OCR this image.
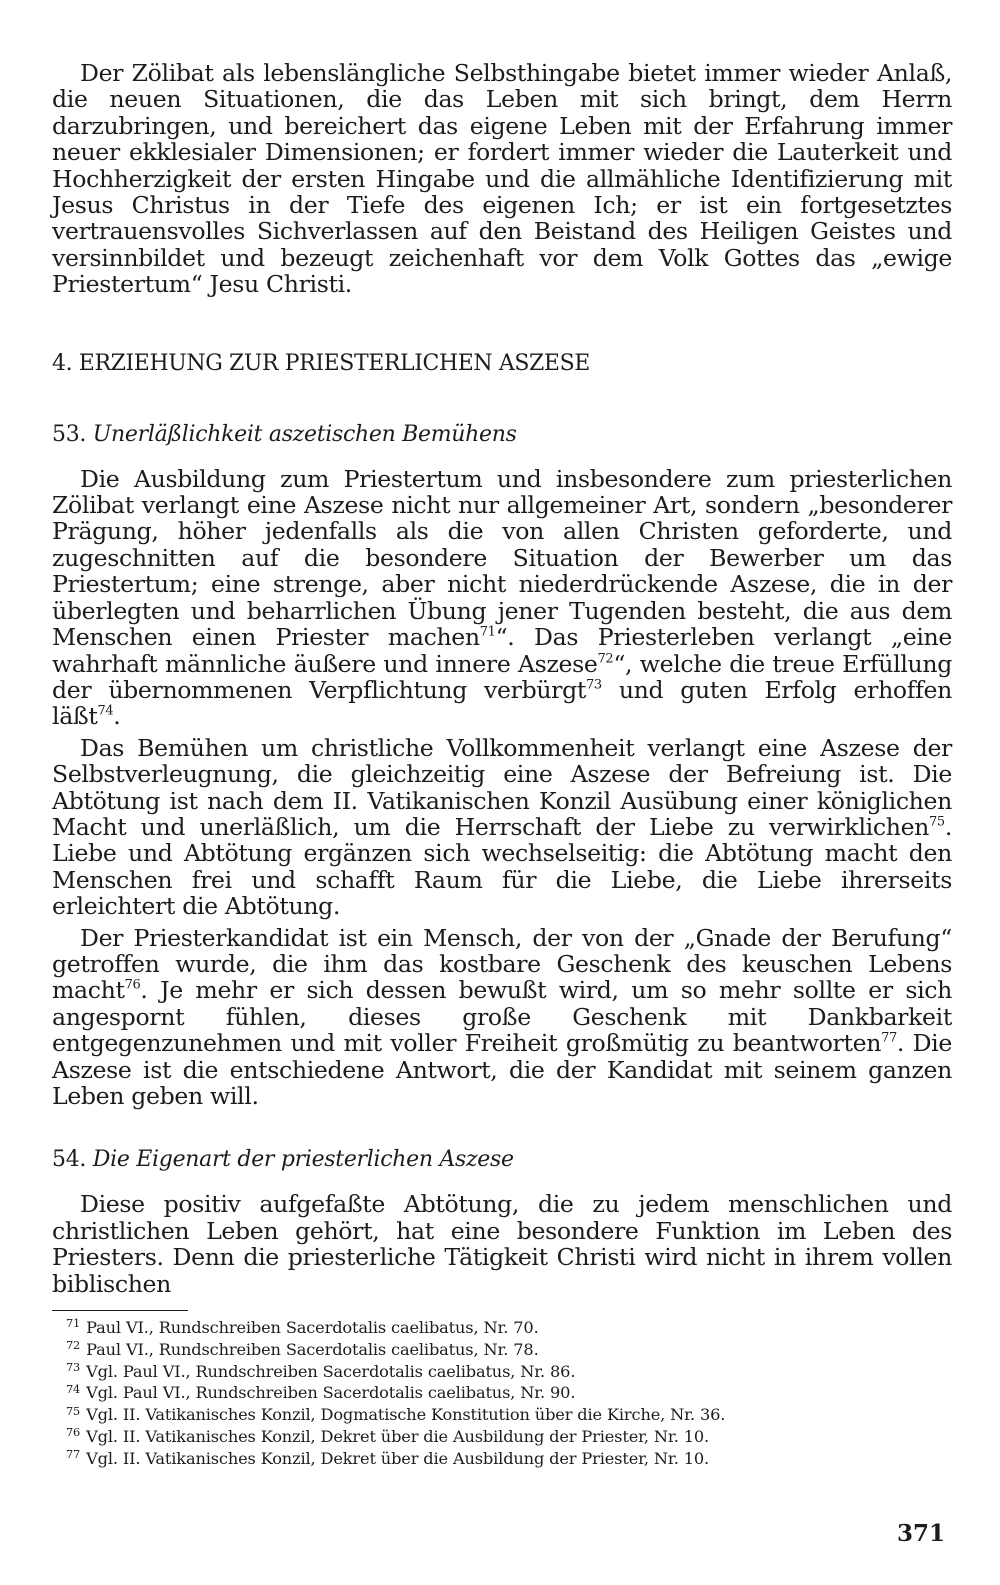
Der Zölibat als lebenslängliche Selbsthingabe bietet immer wieder Anlaß, die neuen Situationen, die das Leben mit sich bringt, dem Herrn darzubringen, und bereichert das eigene Leben mit der Erfahrung immer neuer ekklesialer Dimensionen; er fordert immer wieder die Lauterkeit und Hochherzigkeit der ersten Hingabe und die allmähliche Identifizierung mit Jesus Christus in der Tiefe des eigenen Ich; er ist ein fortgesetztes vertrauensvolles Sichverlassen auf den Beistand des Heiligen Geistes und versinnbildet und bezeugt zeichenhaft vor dem Volk Gottes das „ewige Priestertum“ Jesu Christi.

4. ERZIEHUNG ZUR PRIESTERLICHEN ASZESE
53. Unerläßlichkeit aszetischen Bemühens

Die Ausbildung zum Priestertum und insbesondere zum priesterlichen Zölibat verlangt eine Aszese nicht nur allgemeiner Art, sondern „besonderer Prägung, höher jedenfalls als die von allen Christen geforderte, und zugeschnitten auf die besondere Situation der Bewerber um das Priestertum; eine strenge, aber nicht niederdrückende Aszese, die in der überlegten und beharrlichen Übung jener Tugenden besteht, die aus dem Menschen einen Priester machen$^{71}$“. Das Priesterleben verlangt „eine wahrhaft männliche äußere und innere Aszese$^{72}$“, welche die treue Erfüllung der übernommenen Verpflichtung verbürgt$^{73}$ und guten Erfolg erhoffen läßt$^{74}$.

Das Bemühen um christliche Vollkommenheit verlangt eine Aszese der Selbstverleugnung, die gleichzeitig eine Aszese der Befreiung ist. Die Abtötung ist nach dem II. Vatikanischen Konzil Ausübung einer königlichen Macht und unerläßlich, um die Herrschaft der Liebe zu verwirklichen$^{75}$. Liebe und Abtötung ergänzen sich wechselseitig: die Abtötung macht den Menschen frei und schafft Raum für die Liebe, die Liebe ihrerseits erleichtert die Abtötung.

Der Priesterkandidat ist ein Mensch, der von der „Gnade der Berufung“ getroffen wurde, die ihm das kostbare Geschenk des keuschen Lebens macht$^{76}$. Je mehr er sich dessen bewußt wird, um so mehr sollte er sich angespornt fühlen, dieses große Geschenk mit Dankbarkeit entgegenzunehmen und mit voller Freiheit großmütig zu beantworten$^{77}$. Die Aszese ist die entschiedene Antwort, die der Kandidat mit seinem ganzen Leben geben will.

54. Die Eigenart der priesterlichen Aszese

Diese positiv aufgefaßte Abtötung, die zu jedem menschlichen und christlichen Leben gehört, hat eine besondere Funktion im Leben des Priesters. Denn die priesterliche Tätigkeit Christi wird nicht in ihrem vollen biblischen

$^{71}$ Paul VI., Rundschreiben Sacerdotalis caelibatus, Nr. 70.
$^{72}$ Paul VI., Rundschreiben Sacerdotalis caelibatus, Nr. 78.
$^{73}$ Vgl. Paul VI., Rundschreiben Sacerdotalis caelibatus, Nr. 86.
$^{74}$ Vgl. Paul VI., Rundschreiben Sacerdotalis caelibatus, Nr. 90.
$^{75}$ Vgl. II. Vatikanisches Konzil, Dogmatische Konstitution über die Kirche, Nr. 36.
$^{76}$ Vgl. II. Vatikanisches Konzil, Dekret über die Ausbildung der Priester, Nr. 10.
$^{77}$ Vgl. II. Vatikanisches Konzil, Dekret über die Ausbildung der Priester, Nr. 10.
371
